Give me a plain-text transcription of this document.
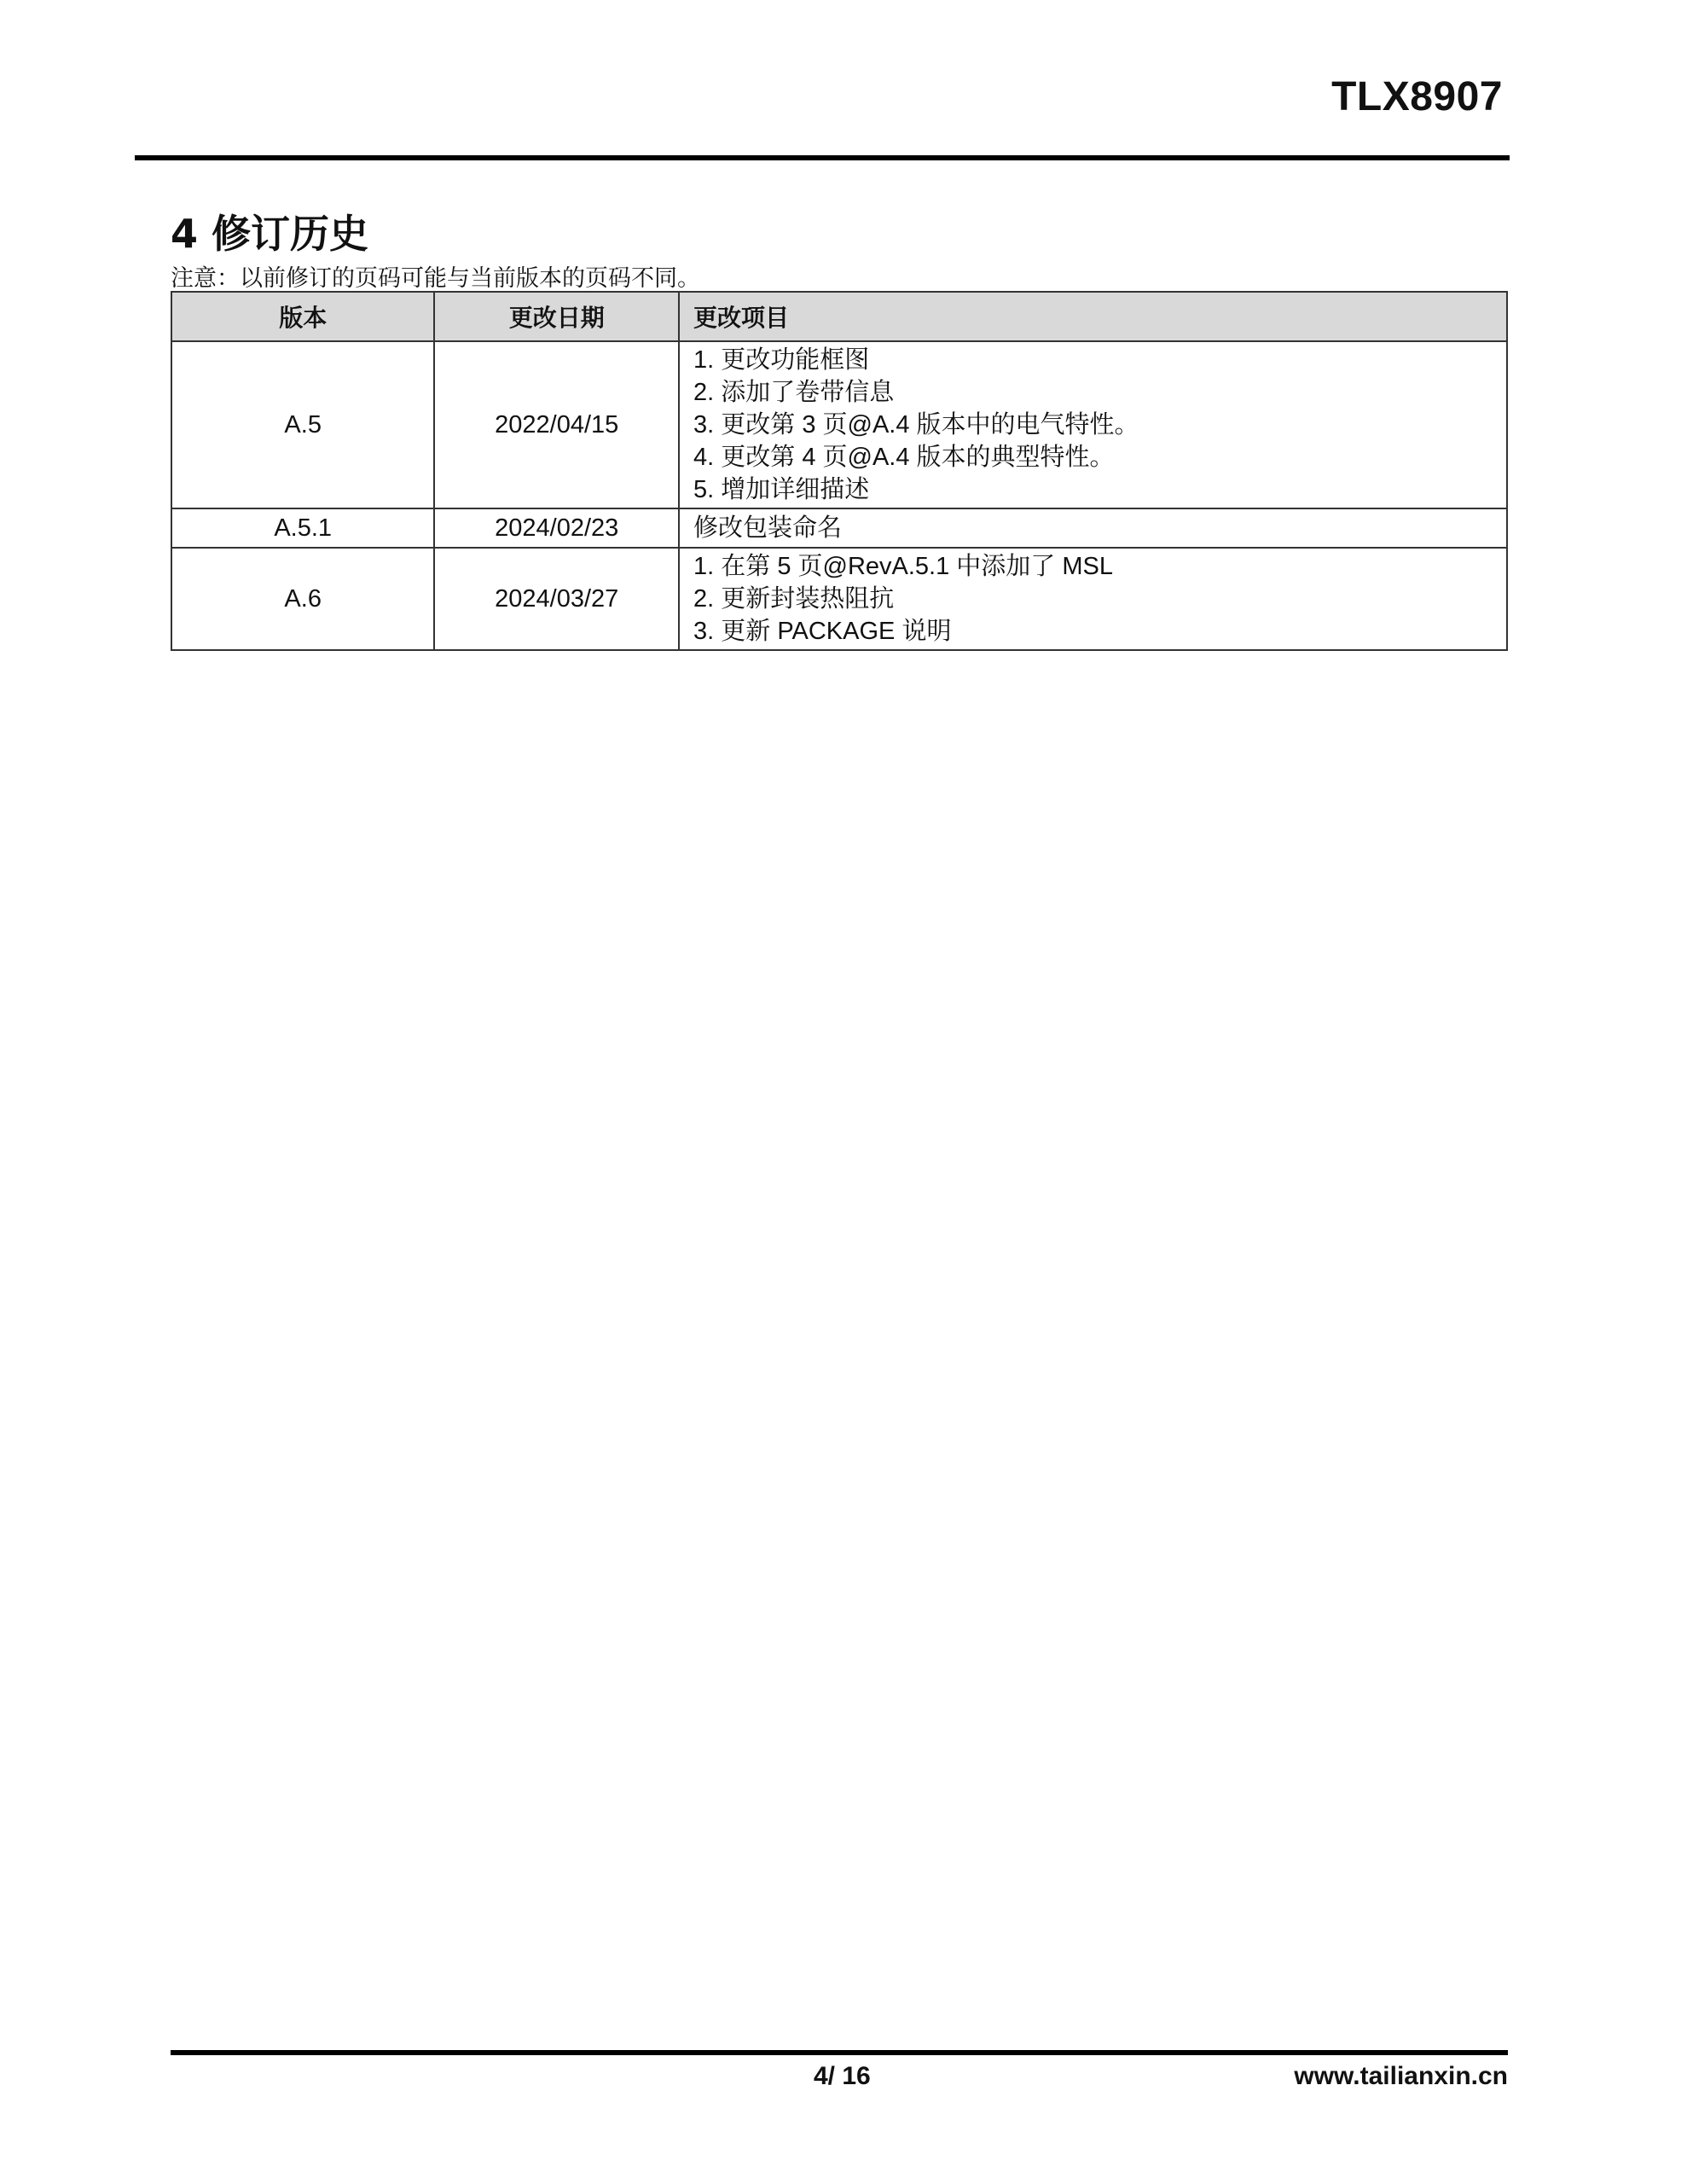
TLX8907
4 修订历史
注意：以前修订的页码可能与当前版本的页码不同。
版本	更改日期	更改项目
A.5	2022/04/15	1. 更改功能框图
2. 添加了卷带信息
3. 更改第 3 页@A.4 版本中的电气特性。
4. 更改第 4 页@A.4 版本的典型特性。
5. 增加详细描述

A.5.1	2024/02/23	修改包装命名

A.6	2024/03/27	1. 在第 5 页@RevA.5.1 中添加了 MSL
2. 更新封装热阻抗
3. 更新 PACKAGE 说明
4/ 16	www.tailianxin.cn
